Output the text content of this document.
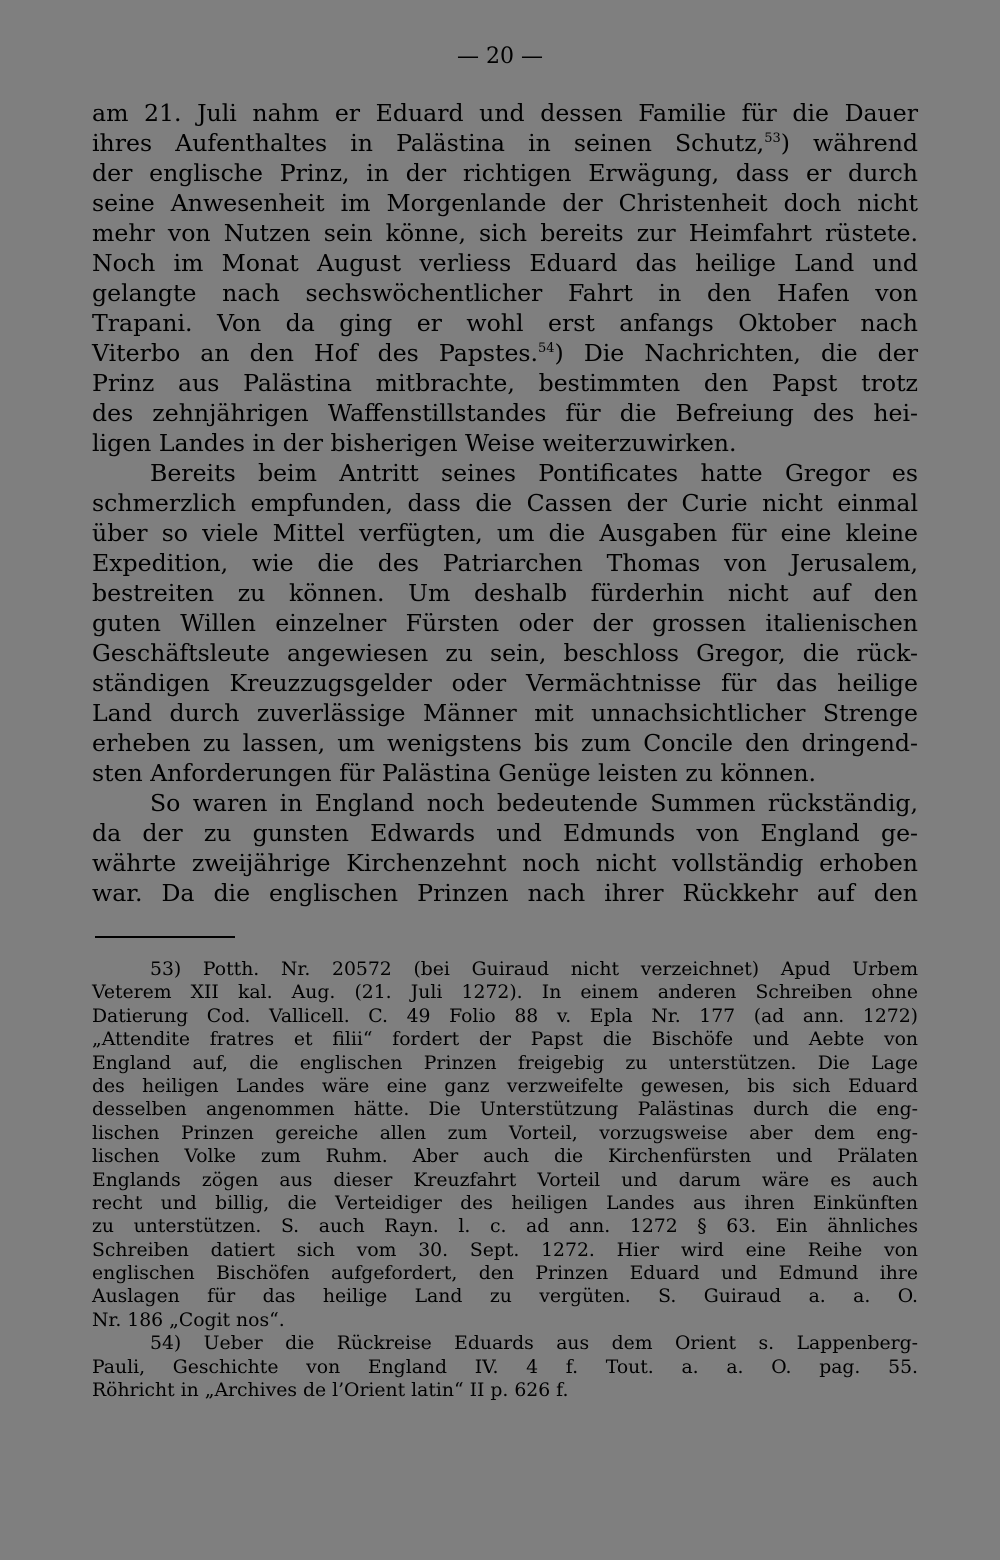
— 20 —
am 21. Juli nahm er Eduard und dessen Familie für die Dauer
ihres Aufenthaltes in Palästina in seinen Schutz,$^{53}$) während
der englische Prinz, in der richtigen Erwägung, dass er durch
seine Anwesenheit im Morgenlande der Christenheit doch nicht
mehr von Nutzen sein könne, sich bereits zur Heimfahrt rüstete.
Noch im Monat August verliess Eduard das heilige Land und
gelangte nach sechswöchentlicher Fahrt in den Hafen von
Trapani. Von da ging er wohl erst anfangs Oktober nach
Viterbo an den Hof des Papstes.$^{54}$) Die Nachrichten, die der
Prinz aus Palästina mitbrachte, bestimmten den Papst trotz
des zehnjährigen Waffenstillstandes für die Befreiung des hei-
ligen Landes in der bisherigen Weise weiterzuwirken.
Bereits beim Antritt seines Pontificates hatte Gregor es
schmerzlich empfunden, dass die Cassen der Curie nicht einmal
über so viele Mittel verfügten, um die Ausgaben für eine kleine
Expedition, wie die des Patriarchen Thomas von Jerusalem,
bestreiten zu können. Um deshalb fürderhin nicht auf den
guten Willen einzelner Fürsten oder der grossen italienischen
Geschäftsleute angewiesen zu sein, beschloss Gregor, die rück-
ständigen Kreuzzugsgelder oder Vermächtnisse für das heilige
Land durch zuverlässige Männer mit unnachsichtlicher Strenge
erheben zu lassen, um wenigstens bis zum Concile den dringend-
sten Anforderungen für Palästina Genüge leisten zu können.
So waren in England noch bedeutende Summen rückständig,
da der zu gunsten Edwards und Edmunds von England ge-
währte zweijährige Kirchenzehnt noch nicht vollständig erhoben
war. Da die englischen Prinzen nach ihrer Rückkehr auf den
53) Potth. Nr. 20572 (bei Guiraud nicht verzeichnet) Apud Urbem
Veterem XII kal. Aug. (21. Juli 1272). In einem anderen Schreiben ohne
Datierung Cod. Vallicell. C. 49 Folio 88 v. Epla Nr. 177 (ad ann. 1272)
„Attendite fratres et filii“ fordert der Papst die Bischöfe und Aebte von
England auf, die englischen Prinzen freigebig zu unterstützen. Die Lage
des heiligen Landes wäre eine ganz verzweifelte gewesen, bis sich Eduard
desselben angenommen hätte. Die Unterstützung Palästinas durch die eng-
lischen Prinzen gereiche allen zum Vorteil, vorzugsweise aber dem eng-
lischen Volke zum Ruhm. Aber auch die Kirchenfürsten und Prälaten
Englands zögen aus dieser Kreuzfahrt Vorteil und darum wäre es auch
recht und billig, die Verteidiger des heiligen Landes aus ihren Einkünften
zu unterstützen. S. auch Rayn. l. c. ad ann. 1272 § 63. Ein ähnliches
Schreiben datiert sich vom 30. Sept. 1272. Hier wird eine Reihe von
englischen Bischöfen aufgefordert, den Prinzen Eduard und Edmund ihre
Auslagen für das heilige Land zu vergüten. S. Guiraud a. a. O.
Nr. 186 „Cogit nos“.
54) Ueber die Rückreise Eduards aus dem Orient s. Lappenberg-
Pauli, Geschichte von England IV. 4 f. Tout. a. a. O. pag. 55.
Röhricht in „Archives de l’Orient latin“ II p. 626 f.
